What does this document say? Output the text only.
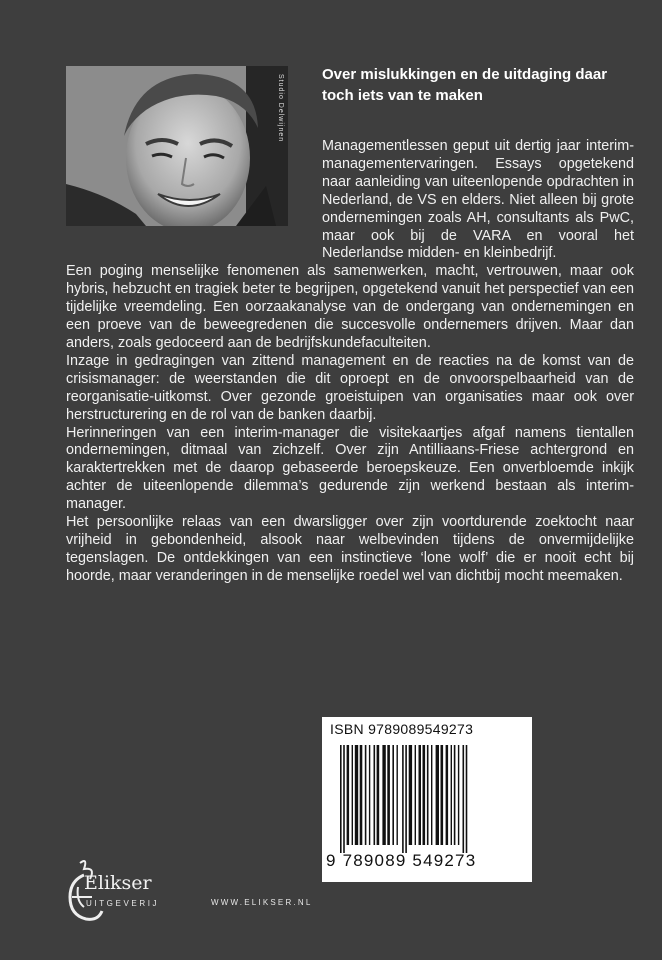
Studio Delwijnen	Over mislukkingen en de uitdaging daar toch iets van te maken

Managementlessen geput uit dertig jaar interim-managementervaringen. Essays opgetekend naar aanleiding van uiteenlopende opdrachten in Nederland, de VS en elders. Niet alleen bij grote ondernemingen zoals AH, consultants als PwC, maar ook bij de VARA en vooral het Nederlandse midden- en kleinbedrijf.

Een poging menselijke fenomenen als samenwerken, macht, vertrouwen, maar ook hybris, hebzucht en tragiek beter te begrijpen, opgetekend vanuit het perspectief van een tijdelijke vreemdeling. Een oorzaakanalyse van de ondergang van ondernemingen en een proeve van de beweegredenen die succesvolle ondernemers drijven. Maar dan anders, zoals gedoceerd aan de bedrijfskundefaculteiten.

Inzage in gedragingen van zittend management en de reacties na de komst van de crisismanager: de weerstanden die dit oproept en de onvoorspelbaarheid van de reorganisatie-uitkomst. Over gezonde groeistuipen van organisaties maar ook over herstructurering en de rol van de banken daarbij.

Herinneringen van een interim-manager die visitekaartjes afgaf namens tientallen ondernemingen, ditmaal van zichzelf. Over zijn Antilliaans-Friese achtergrond en karaktertrekken met de daarop gebaseerde beroepskeuze. Een onverbloemde inkijk achter de uiteenlopende dilemma’s gedurende zijn werkend bestaan als interim-manager.

Het persoonlijke relaas van een dwarsligger over zijn voortdurende zoektocht naar vrijheid in gebondenheid, alsook naar welbevinden tijdens de onvermijdelijke tegenslagen. De ontdekkingen van een instinctieve ‘lone wolf’ die er nooit echt bij hoorde, maar veranderingen in de menselijke roedel wel van dichtbij mocht meemaken.

ISBN 9789089549273
9 789089 549273
Elikser
UITGEVERIJ	WWW.ELIKSER.NL
